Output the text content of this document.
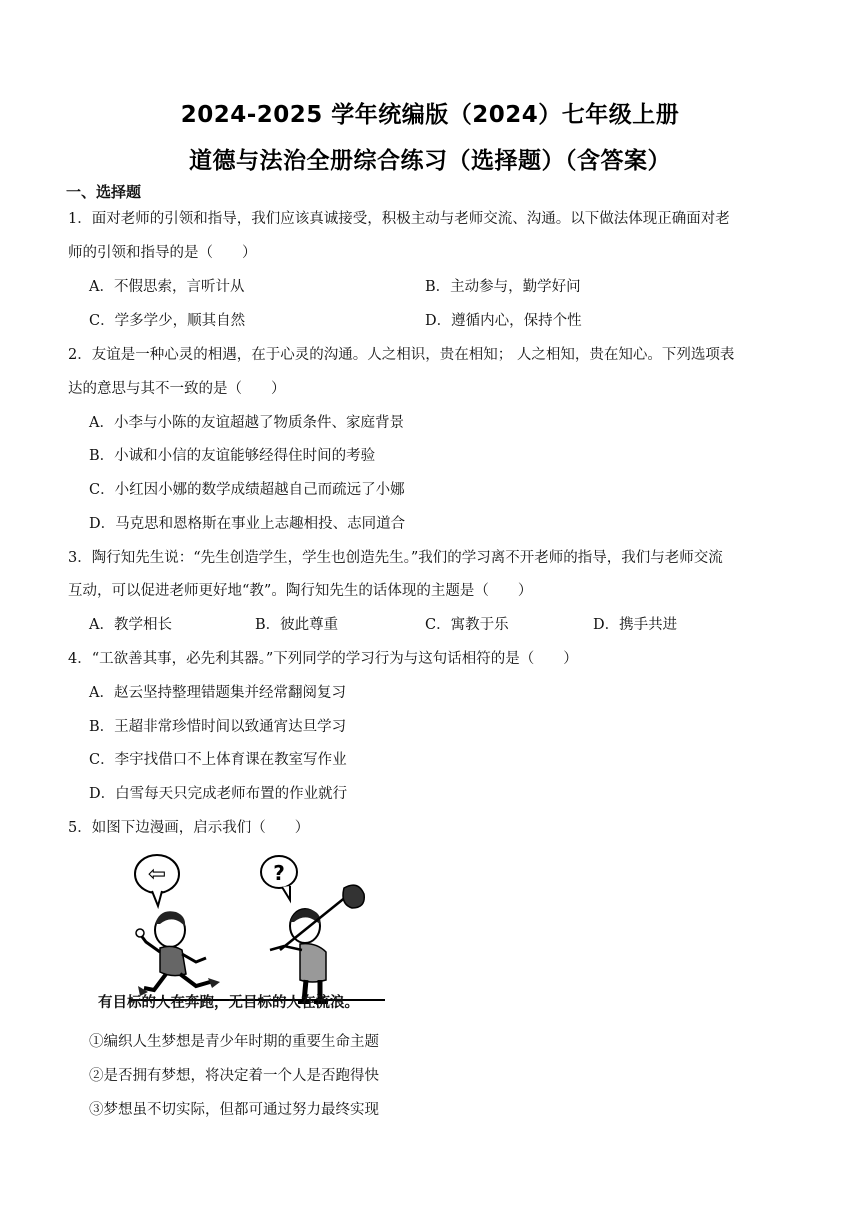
2024-2025 学年统编版（2024）七年级上册
道德与法治全册综合练习（选择题）（含答案）
一、选择题
1．面对老师的引领和指导，我们应该真诚接受，积极主动与老师交流、沟通。以下做法体现正确面对老
师的引领和指导的是（　　）
A．不假思索，言听计从	B．主动参与，勤学好问
C．学多学少，顺其自然	D．遵循内心，保持个性
2．友谊是一种心灵的相遇，在于心灵的沟通。人之相识，贵在相知； 人之相知，贵在知心。下列选项表
达的意思与其不一致的是（　　）
A．小李与小陈的友谊超越了物质条件、家庭背景
B．小诚和小信的友谊能够经得住时间的考验
C．小红因小娜的数学成绩超越自己而疏远了小娜
D．马克思和恩格斯在事业上志趣相投、志同道合
3．陶行知先生说：“先生创造学生，学生也创造先生。”我们的学习离不开老师的指导，我们与老师交流
互动，可以促进老师更好地“教”。陶行知先生的话体现的主题是（　　）
A．教学相长	B．彼此尊重	C．寓教于乐	D．携手共进
4．“工欲善其事，必先利其器。”下列同学的学习行为与这句话相符的是（　　）
A．赵云坚持整理错题集并经常翻阅复习
B．王超非常珍惜时间以致通宵达旦学习
C．李宇找借口不上体育课在教室写作业
D．白雪每天只完成老师布置的作业就行
5．如图下边漫画，启示我们（　　）
⇦	?
有目标的人在奔跑，无目标的人在流浪。
①编织人生梦想是青少年时期的重要生命主题
②是否拥有梦想，将决定着一个人是否跑得快
③梦想虽不切实际，但都可通过努力最终实现
